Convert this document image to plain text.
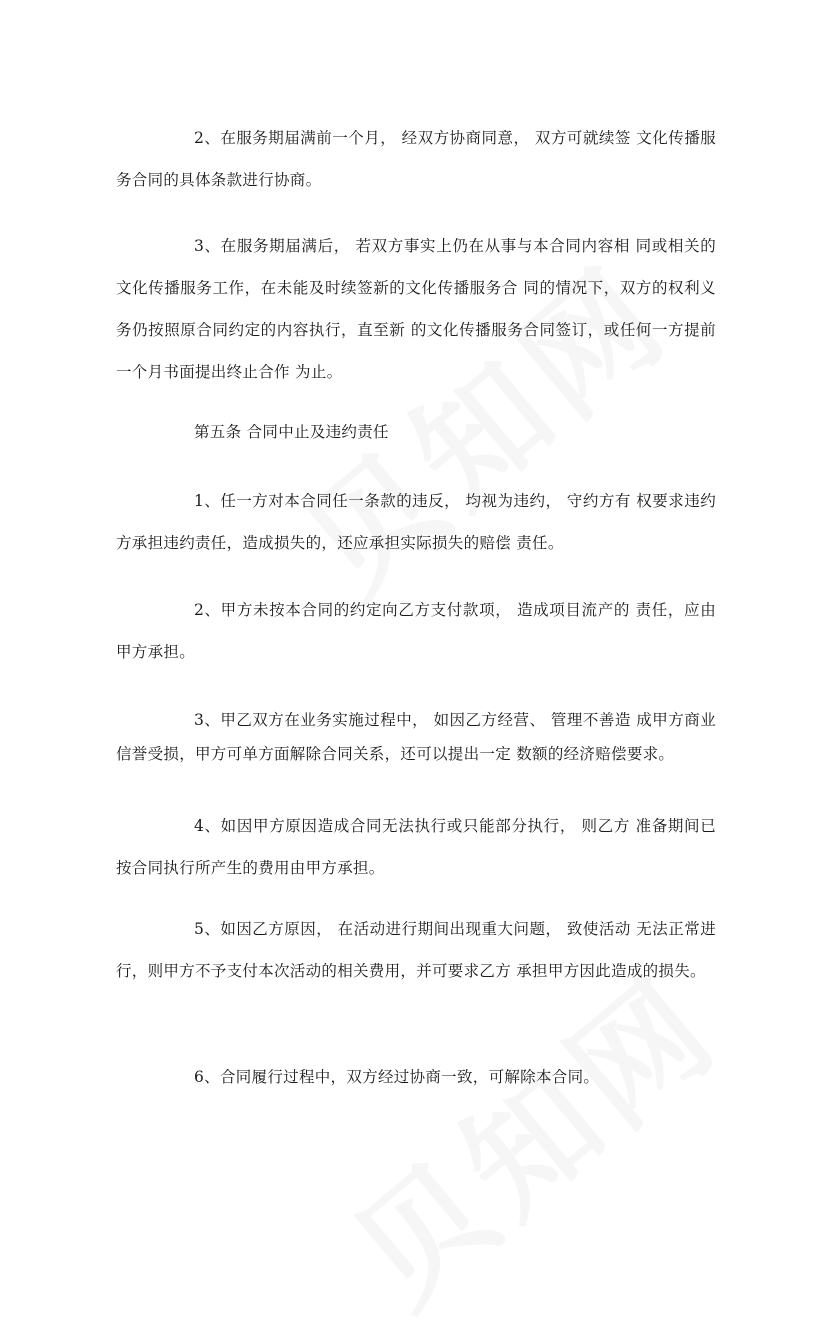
2、在服务期届满前一个月， 经双方协商同意， 双方可就续签 文化传播服务合同的具体条款进行协商。

3、在服务期届满后， 若双方事实上仍在从事与本合同内容相 同或相关的文化传播服务工作，在未能及时续签新的文化传播服务合 同的情况下，双方的权利义务仍按照原合同约定的内容执行，直至新 的文化传播服务合同签订，或任何一方提前一个月书面提出终止合作 为止。

第五条 合同中止及违约责任

1、任一方对本合同任一条款的违反， 均视为违约， 守约方有 权要求违约方承担违约责任，造成损失的，还应承担实际损失的赔偿 责任。

2、甲方未按本合同的约定向乙方支付款项， 造成项目流产的 责任，应由甲方承担。

3、甲乙双方在业务实施过程中， 如因乙方经营、 管理不善造 成甲方商业信誉受损，甲方可单方面解除合同关系，还可以提出一定 数额的经济赔偿要求。

4、如因甲方原因造成合同无法执行或只能部分执行， 则乙方 准备期间已按合同执行所产生的费用由甲方承担。

5、如因乙方原因， 在活动进行期间出现重大问题， 致使活动 无法正常进行，则甲方不予支付本次活动的相关费用，并可要求乙方 承担甲方因此造成的损失。

6、合同履行过程中，双方经过协商一致，可解除本合同。
